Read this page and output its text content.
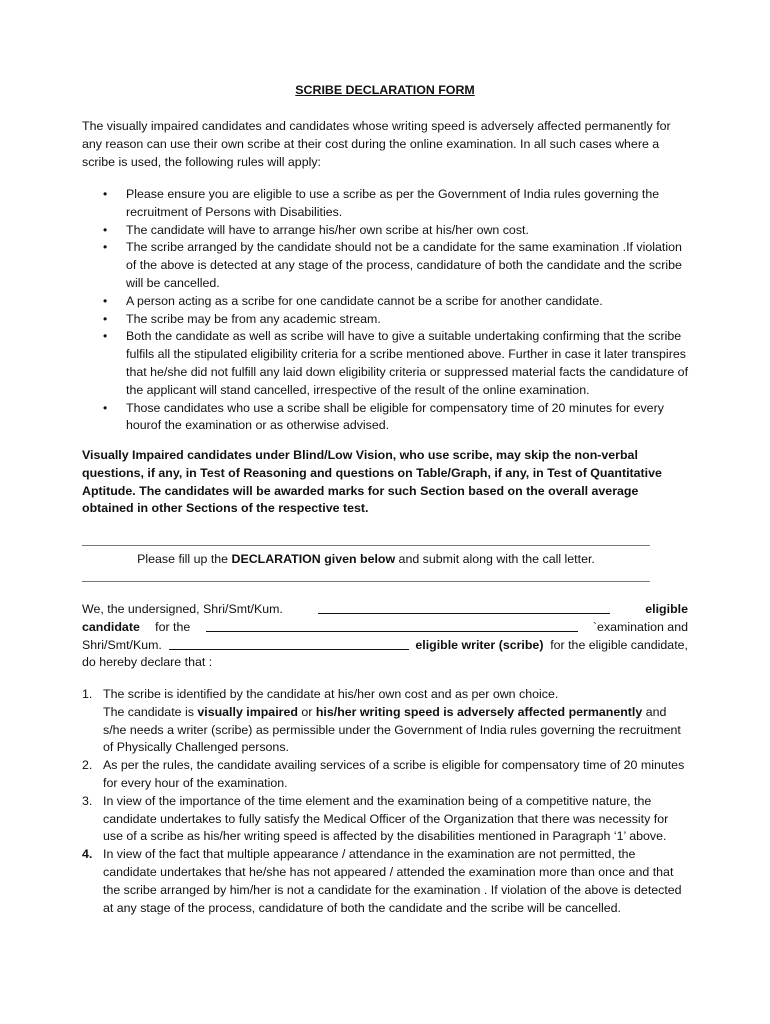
SCRIBE DECLARATION FORM

The visually impaired candidates and candidates whose writing speed is adversely affected permanently for any reason can use their own scribe at their cost during the online examination. In all such cases where a scribe is used, the following rules will apply:

• Please ensure you are eligible to use a scribe as per the Government of India rules governing the recruitment of Persons with Disabilities.
• The candidate will have to arrange his/her own scribe at his/her own cost.
• The scribe arranged by the candidate should not be a candidate for the same examination .If violation of the above is detected at any stage of the process, candidature of both the candidate and the scribe will be cancelled.
• A person acting as a scribe for one candidate cannot be a scribe for another candidate.
• The scribe may be from any academic stream.
• Both the candidate as well as scribe will have to give a suitable undertaking confirming that the scribe fulfils all the stipulated eligibility criteria for a scribe mentioned above. Further in case it later transpires that he/she did not fulfill any laid down eligibility criteria or suppressed material facts the candidature of the applicant will stand cancelled, irrespective of the result of the online examination.
• Those candidates who use a scribe shall be eligible for compensatory time of 20 minutes for every hourof the examination or as otherwise advised.

Visually Impaired candidates under Blind/Low Vision, who use scribe, may skip the non-verbal questions, if any, in Test of Reasoning and questions on Table/Graph, if any, in Test of Quantitative Aptitude. The candidates will be awarded marks for such Section based on the overall average obtained in other Sections of the respective test.

Please fill up the DECLARATION given below and submit along with the call letter.

We, the undersigned, Shri/Smt/Kum.	eligible
candidate for the	`examination and
Shri/Smt/Kum.	eligible writer (scribe) for the eligible candidate,
do hereby declare that :
1. The scribe is identified by the candidate at his/her own cost and as per own choice.
The candidate is visually impaired or his/her writing speed is adversely affected permanently and s/he needs a writer (scribe) as permissible under the Government of India rules governing the recruitment of Physically Challenged persons.
2. As per the rules, the candidate availing services of a scribe is eligible for compensatory time of 20 minutes for every hour of the examination.
3. In view of the importance of the time element and the examination being of a competitive nature, the candidate undertakes to fully satisfy the Medical Officer of the Organization that there was necessity for use of a scribe as his/her writing speed is affected by the disabilities mentioned in Paragraph ‘1’ above.
4. In view of the fact that multiple appearance / attendance in the examination are not permitted, the candidate undertakes that he/she has not appeared / attended the examination more than once and that the scribe arranged by him/her is not a candidate for the examination . If violation of the above is detected at any stage of the process, candidature of both the candidate and the scribe will be cancelled.
